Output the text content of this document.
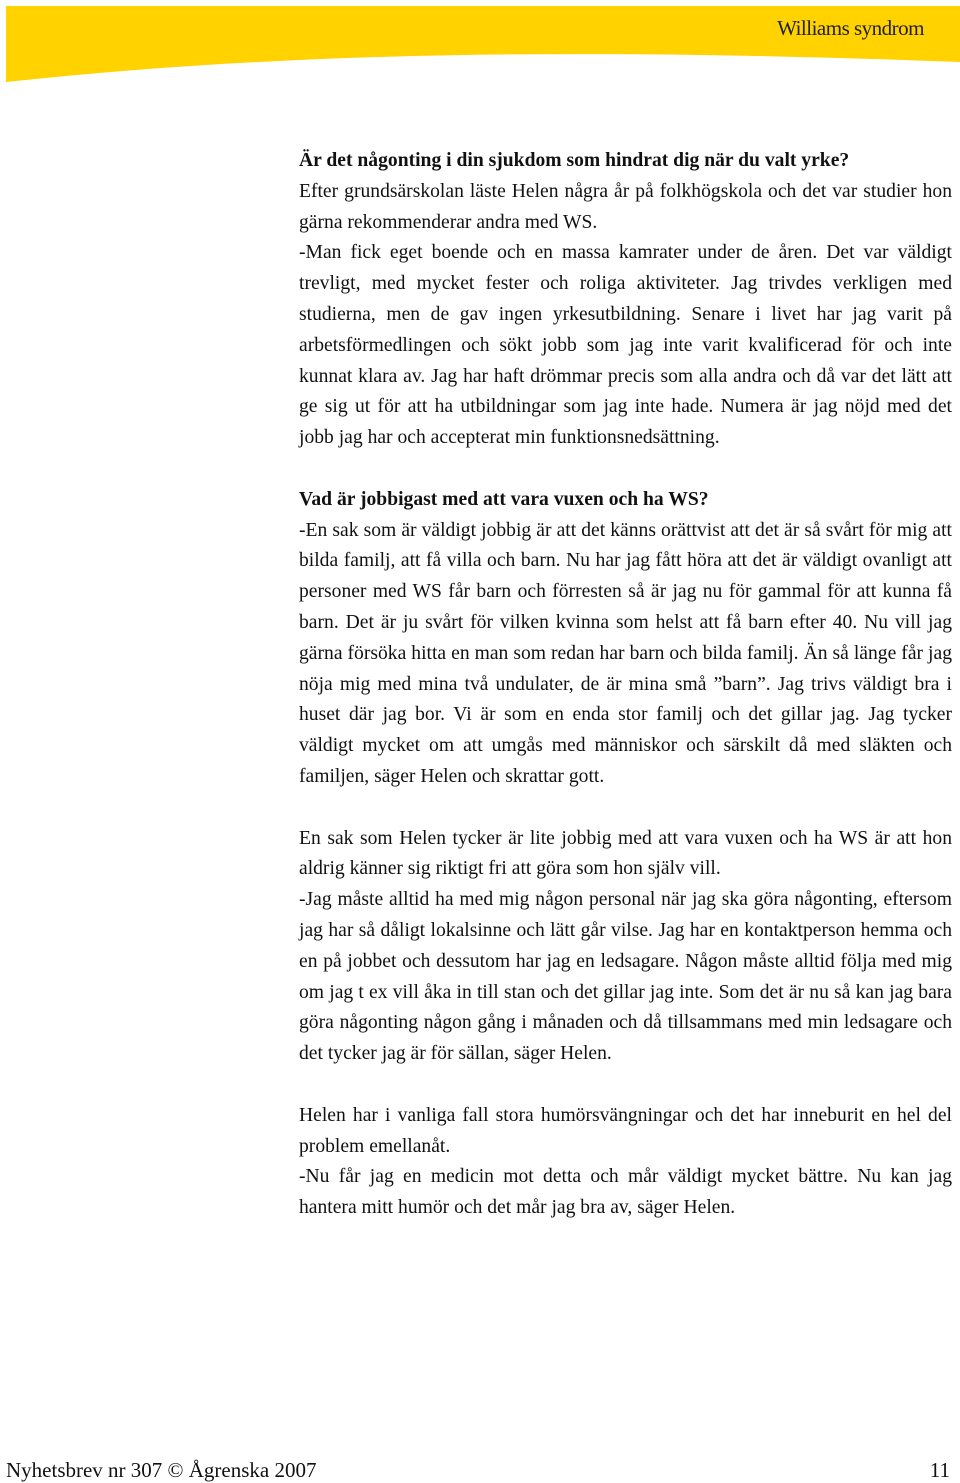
Williams syndrom
Är det någonting i din sjukdom som hindrat dig när du valt yrke?

Efter grundsärskolan läste Helen några år på folkhögskola och det var studier hon gärna rekommenderar andra med WS.

-Man fick eget boende och en massa kamrater under de åren. Det var väldigt trevligt, med mycket fester och roliga aktiviteter. Jag trivdes verkligen med studierna, men de gav ingen yrkesutbildning. Senare i livet har jag varit på arbetsförmedlingen och sökt jobb som jag inte varit kvalificerad för och inte kunnat klara av. Jag har haft drömmar precis som alla andra och då var det lätt att ge sig ut för att ha utbildningar som jag inte hade. Numera är jag nöjd med det jobb jag har och accepterat min funktionsnedsättning.

Vad är jobbigast med att vara vuxen och ha WS?

-En sak som är väldigt jobbig är att det känns orättvist att det är så svårt för mig att bilda familj, att få villa och barn. Nu har jag fått höra att det är väldigt ovanligt att personer med WS får barn och förresten så är jag nu för gammal för att kunna få barn. Det är ju svårt för vilken kvinna som helst att få barn efter 40. Nu vill jag gärna försöka hitta en man som redan har barn och bilda familj. Än så länge får jag nöja mig med mina två undulater, de är mina små ”barn”. Jag trivs väldigt bra i huset där jag bor. Vi är som en enda stor familj och det gillar jag. Jag tycker väldigt mycket om att umgås med människor och särskilt då med släkten och familjen, säger Helen och skrattar gott.

En sak som Helen tycker är lite jobbig med att vara vuxen och ha WS är att hon aldrig känner sig riktigt fri att göra som hon själv vill.

-Jag måste alltid ha med mig någon personal när jag ska göra någonting, eftersom jag har så dåligt lokalsinne och lätt går vilse. Jag har en kontaktperson hemma och en på jobbet och dessutom har jag en ledsagare. Någon måste alltid följa med mig om jag t ex vill åka in till stan och det gillar jag inte. Som det är nu så kan jag bara göra någonting någon gång i månaden och då tillsammans med min ledsagare och det tycker jag är för sällan, säger Helen.

Helen har i vanliga fall stora humörsvängningar och det har inneburit en hel del problem emellanåt.

-Nu får jag en medicin mot detta och mår väldigt mycket bättre. Nu kan jag hantera mitt humör och det mår jag bra av, säger Helen.

Nyhetsbrev nr 307 © Ågrenska 2007	11
